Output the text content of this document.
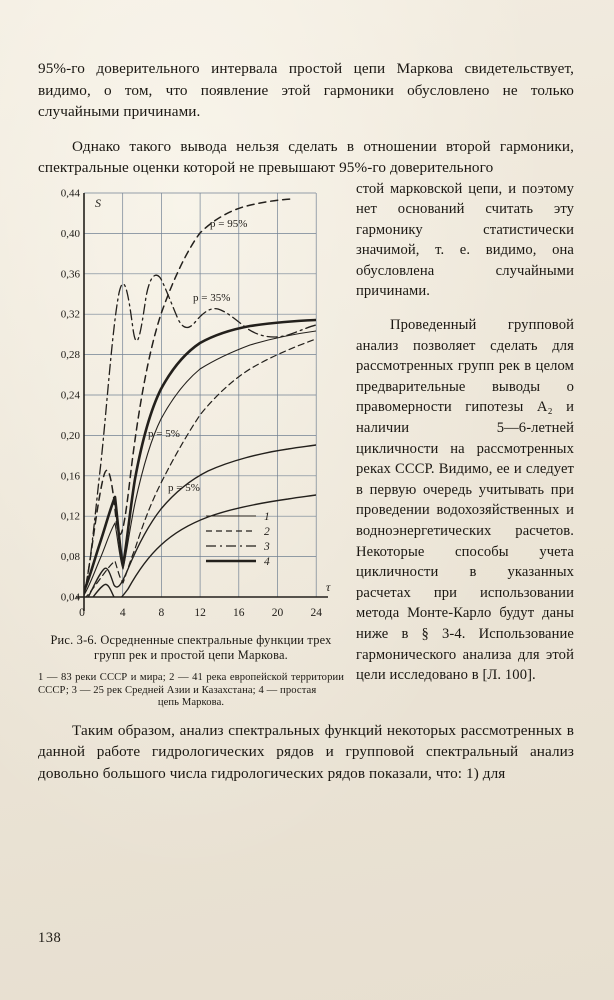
95%-го доверительного интервала простой цепи Маркова свидетельствует, видимо, о том, что появление этой гармоники обусловлено не только случайными причинами.

Однако такого вывода нельзя сделать в отношении второй гармоники, спектральные оценки которой не превышают 95%-го доверительного

0,04
0,08
0,12
0,16
0,20
0,24
0,28
0,32
0,36
0,40
0,44
0	4	8	12 16 20 24
S
τ
p = 95%
p = 35%
p = 5%
p = 5%
1
2
3
4
Рис. 3-6. Осредненные спектральные функции трех групп рек и простой цепи Маркова.
1 — 83 реки СССР и мира; 2 — 41 река европейской территории СССР; 3 — 25 рек Средней Азии и Казахстана; 4 — простая
цепь Маркова.

стой марковской цепи, и поэтому нет оснований считать эту гармонику статистически значимой, т. е. видимо, она обусловлена случайными причинами.

Проведенный групповой анализ позволяет сделать для рассмотренных групп рек в целом предварительные выводы о правомерности гипотезы A₂ и наличии 5—6-летней цикличности на рассмотренных реках СССР. Видимо, ее и следует в первую очередь учитывать при проведении водохозяйственных и водноэнергетических расчетов. Некоторые способы учета цикличности в указанных расчетах при использовании метода Монте-Карло будут даны ниже в § 3-4. Использование гармонического анализа для этой цели исследовано в [Л. 100].

Таким образом, анализ спектральных функций некоторых рассмотренных в данной работе гидрологических рядов и групповой спектральный анализ довольно большого числа гидрологических рядов показали, что: 1) для

138
